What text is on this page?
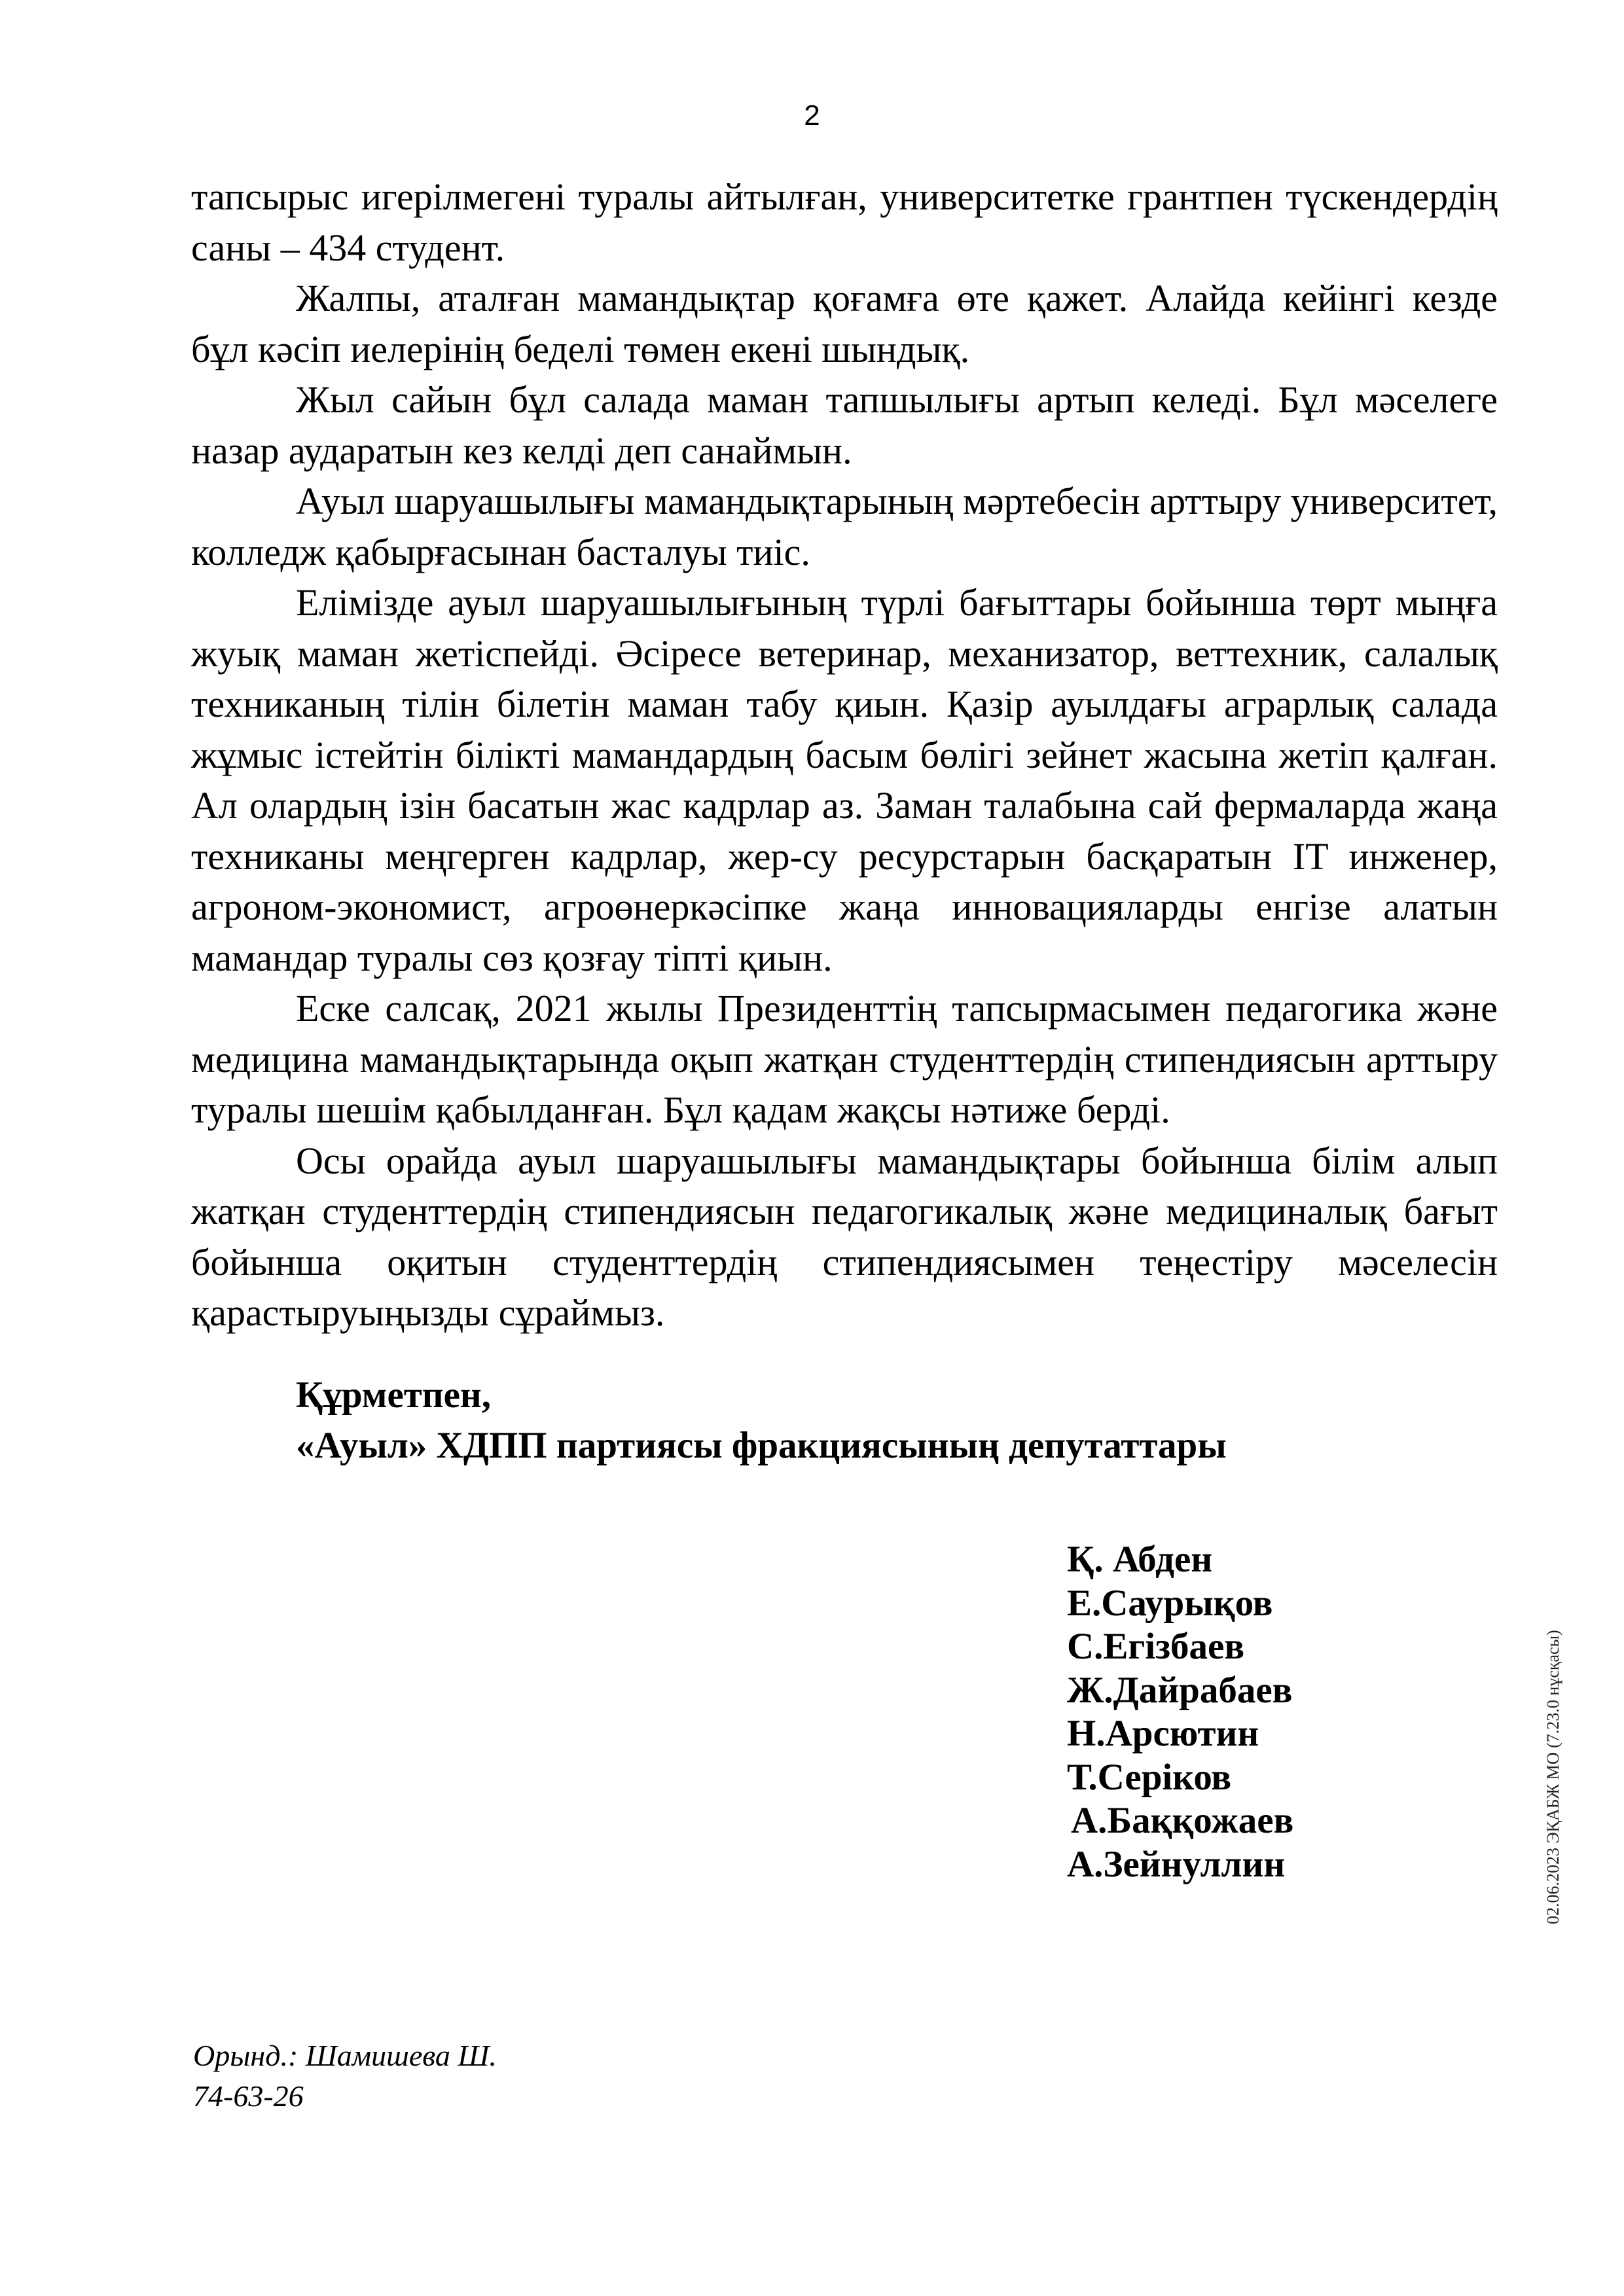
2

тапсырыс игерілмегені туралы айтылған, университетке грантпен түскендердің саны – 434 студент.

Жалпы, аталған мамандықтар қоғамға өте қажет. Алайда кейінгі кезде бұл кәсіп иелерінің беделі төмен екені шындық.

Жыл сайын бұл салада маман тапшылығы артып келеді. Бұл мәселеге назар аударатын кез келді деп санаймын.

Ауыл шаруашылығы мамандықтарының мәртебесін арттыру университет, колледж қабырғасынан басталуы тиіс.

Елімізде ауыл шаруашылығының түрлі бағыттары бойынша төрт мыңға жуық маман жетіспейді. Әсіресе ветеринар, механизатор, веттехник, салалық техниканың тілін білетін маман табу қиын. Қазір ауылдағы аграрлық салада жұмыс істейтін білікті мамандардың басым бөлігі зейнет жасына жетіп қалған. Ал олардың ізін басатын жас кадрлар аз. Заман талабына сай фермаларда жаңа техниканы меңгерген кадрлар, жер-су ресурстарын басқаратын IT инженер, агроном-экономист, агроөнеркәсіпке жаңа инновацияларды енгізе алатын мамандар туралы сөз қозғау тіпті қиын.

Еске салсақ, 2021 жылы Президенттің тапсырмасымен педагогика және медицина мамандықтарында оқып жатқан студенттердің стипендиясын арттыру туралы шешім қабылданған. Бұл қадам жақсы нәтиже берді.

Осы орайда ауыл шаруашылығы мамандықтары бойынша білім алып жатқан студенттердің стипендиясын педагогикалық және медициналық бағыт бойынша оқитын студенттердің стипендиясымен теңестіру мәселесін қарастыруыңызды сұраймыз.

Құрметпен,
«Ауыл» ХДПП партиясы фракциясының депутаттары
Қ. Абден
Е.Саурықов
С.Егізбаев
Ж.Дайрабаев
Н.Арсютин
Т.Серіков
А.Баққожаев
А.Зейнуллин	02.06.2023 ЭҚАБЖ МО (7.23.0 нұсқасы)
Орынд.: Шамишева Ш.
74-63-26
